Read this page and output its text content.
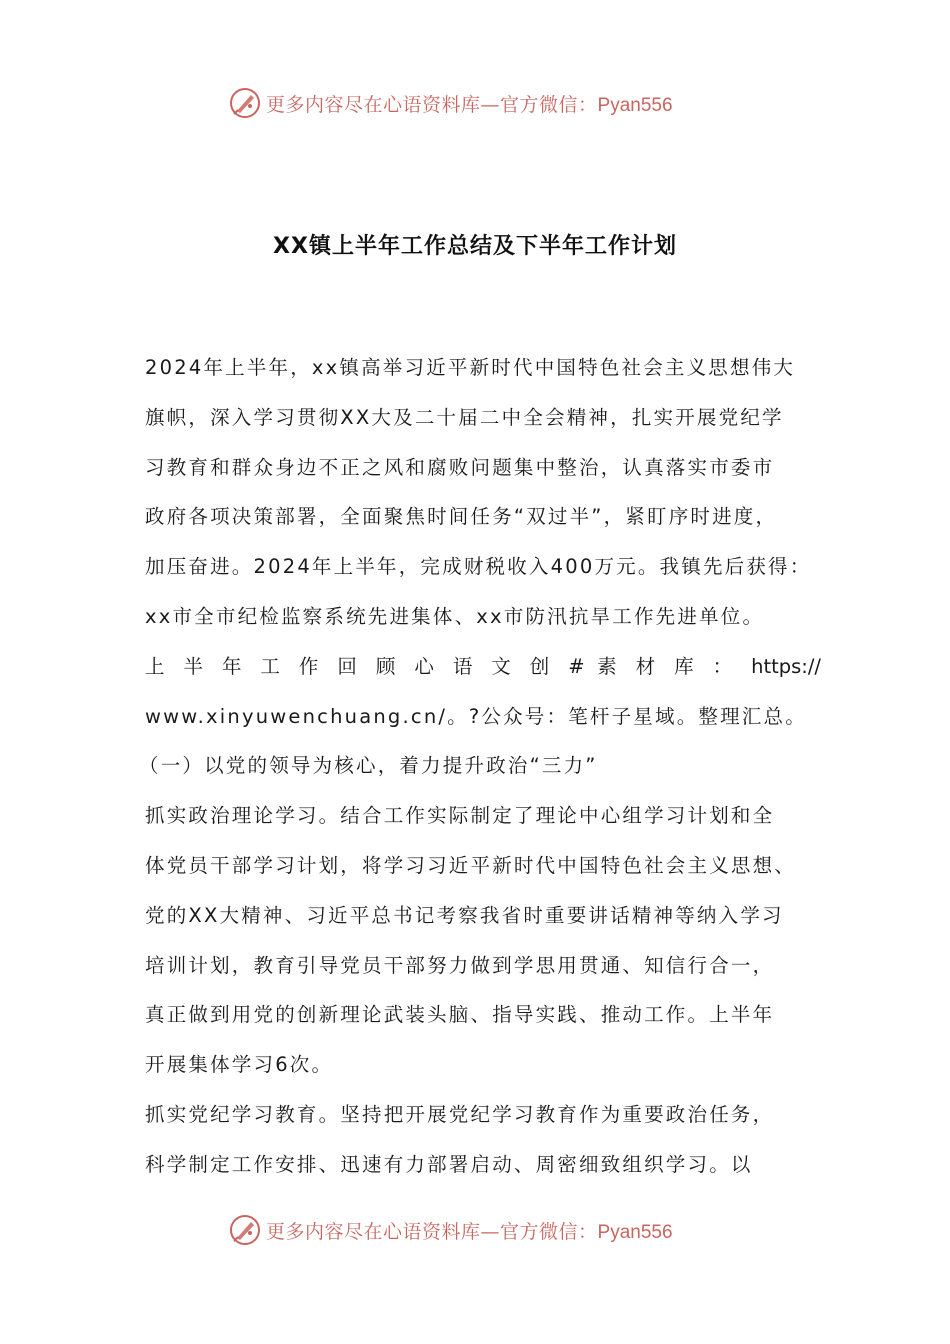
更多内容尽在心语资料库—官方微信：Pyan556
XX镇上半年工作总结及下半年工作计划
2024年上半年，xx镇高举习近平新时代中国特色社会主义思想伟大
旗帜，深入学习贯彻XX大及二十届二中全会精神，扎实开展党纪学
习教育和群众身边不正之风和腐败问题集中整治，认真落实市委市
政府各项决策部署，全面聚焦时间任务“双过半”，紧盯序时进度，
加压奋进。2024年上半年，完成财税收入400万元。我镇先后获得：
xx市全市纪检监察系统先进集体、xx市防汛抗旱工作先进单位。
上 半 年 工 作 回 顾 心 语 文 创 # 素 材 库 ： https://
www.xinyuwenchuang.cn/。?公众号：笔杆子星域。整理汇总。
（一）以党的领导为核心，着力提升政治“三力”
抓实政治理论学习。结合工作实际制定了理论中心组学习计划和全
体党员干部学习计划，将学习习近平新时代中国特色社会主义思想、
党的XX大精神、习近平总书记考察我省时重要讲话精神等纳入学习
培训计划，教育引导党员干部努力做到学思用贯通、知信行合一，
真正做到用党的创新理论武装头脑、指导实践、推动工作。上半年
开展集体学习6次。
抓实党纪学习教育。坚持把开展党纪学习教育作为重要政治任务，
科学制定工作安排、迅速有力部署启动、周密细致组织学习。以
更多内容尽在心语资料库—官方微信：Pyan556
